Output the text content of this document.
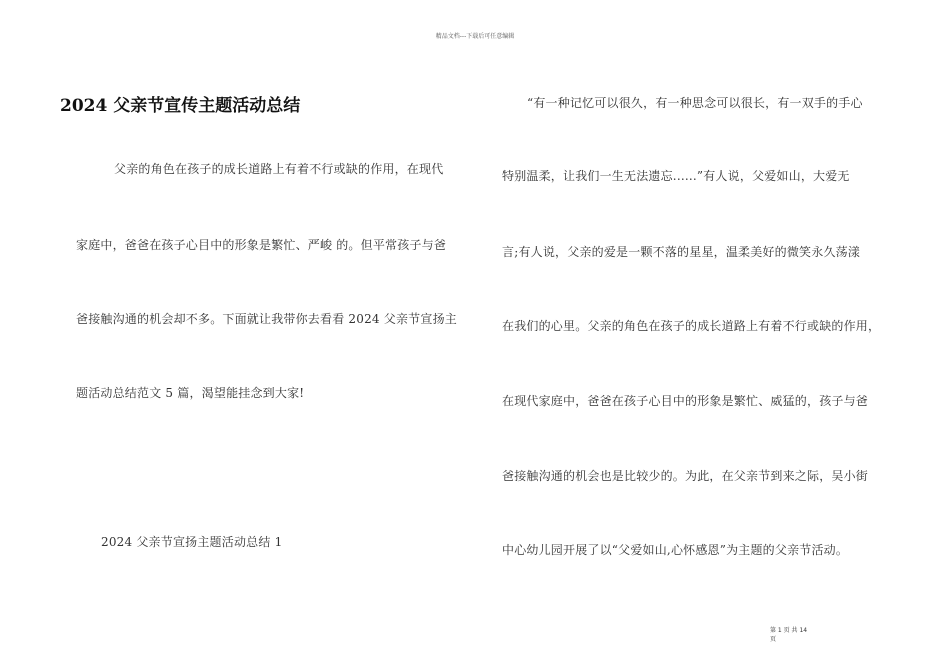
精品文档---下载后可任意编辑
2024 父亲节宣传主题活动总结
父亲的角色在孩子的成长道路上有着不行或缺的作用，在现代
家庭中，爸爸在孩子心目中的形象是繁忙、严峻 的。但平常孩子与爸
爸接触沟通的机会却不多。下面就让我带你去看看 2024 父亲节宣扬主
题活动总结范文 5 篇，渴望能挂念到大家!
2024 父亲节宣扬主题活动总结 1
“有一种记忆可以很久，有一种思念可以很长，有一双手的手心
特别温柔，让我们一生无法遗忘......”有人说，父爱如山，大爱无
言;有人说，父亲的爱是一颗不落的星星，温柔美好的微笑永久荡漾
在我们的心里。父亲的角色在孩子的成长道路上有着不行或缺的作用，
在现代家庭中，爸爸在孩子心目中的形象是繁忙、威猛的，孩子与爸
爸接触沟通的机会也是比较少的。为此，在父亲节到来之际，吴小街
中心幼儿园开展了以“父爱如山,心怀感恩”为主题的父亲节活动。
第 1 页 共 14
页
